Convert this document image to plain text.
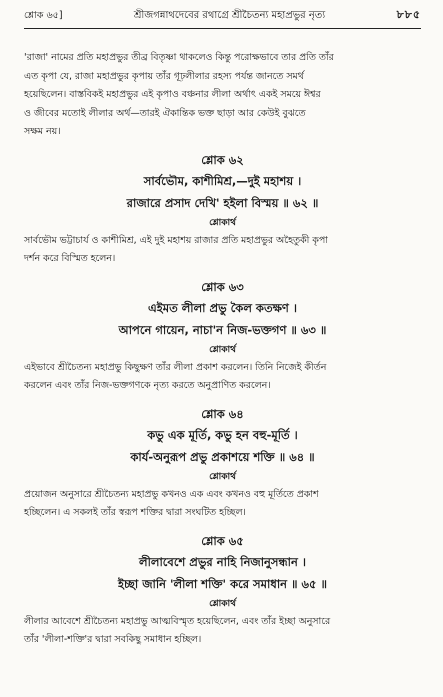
শ্লোক ৬৫]	শ্রীজগন্নাথদেবের রথাগ্রে শ্রীচৈতন্য মহাপ্রভুর নৃত্য	৮৮৫
'রাজা' নামের প্রতি মহাপ্রভুর তীব্র বিতৃষ্ণা থাকলেও কিন্তু পরোক্ষভাবে তার প্রতি তাঁর
এত কৃপা যে, রাজা মহাপ্রভুর কৃপায় তাঁর গূঢ়লীলার রহস্য পর্যন্ত জানতে সমর্থ
হয়েছিলেন। বাস্তবিকই মহাপ্রভুর এই কৃপাও বঞ্চনার লীলা অর্থাৎ একই সময়ে ঈশ্বর
ও জীবের মতোই লীলার অর্থ—তারই ঐকান্তিক ভক্ত ছাড়া আর কেউই বুঝতে
সক্ষম নয়।
শ্লোক ৬২
সার্বভৌম, কাশীমিশ্র,—দুই মহাশয় ।
রাজারে প্রসাদ দেখি' হইলা বিস্ময় ॥ ৬২ ॥
শ্লোকার্থ
সার্বভৌম ভট্টাচার্য ও কাশীমিশ্র, এই দুই মহাশয় রাজার প্রতি মহাপ্রভুর অহৈতুকী কৃপা
দর্শন করে বিস্মিত হলেন।
শ্লোক ৬৩
এইমত লীলা প্রভু কৈল কতক্ষণ ।
আপনে গায়েন, নাচা'ন নিজ-ভক্তগণ ॥ ৬৩ ॥
শ্লোকার্থ
এইভাবে শ্রীচৈতন্য মহাপ্রভু কিছুক্ষণ তাঁর লীলা প্রকাশ করলেন। তিনি নিজেই কীর্তন
করলেন এবং তাঁর নিজ-ভক্তগণকে নৃত্য করতে অনুপ্রাণিত করলেন।
শ্লোক ৬৪
কভু এক মূর্তি, কভু হন বহু-মূর্তি ।
কার্য-অনুরূপ প্রভু প্রকাশয়ে শক্তি ॥ ৬৪ ॥
শ্লোকার্থ
প্রয়োজন অনুসারে শ্রীচৈতন্য মহাপ্রভু কখনও এক এবং কখনও বহু মূর্তিতে প্রকাশ
হচ্ছিলেন। এ সকলই তাঁর স্বরূপ শক্তির দ্বারা সংঘটিত হচ্ছিল।
শ্লোক ৬৫
লীলাবেশে প্রভুর নাহি নিজানুসন্ধান ।
ইচ্ছা জানি 'লীলা শক্তি' করে সমাধান ॥ ৬৫ ॥
শ্লোকার্থ
লীলার আবেশে শ্রীচৈতন্য মহাপ্রভু আত্মবিস্মৃত হয়েছিলেন, এবং তাঁর ইচ্ছা অনুসারে
তাঁর 'লীলা-শক্তি'র দ্বারা সবকিছু সমাধান হচ্ছিল।
